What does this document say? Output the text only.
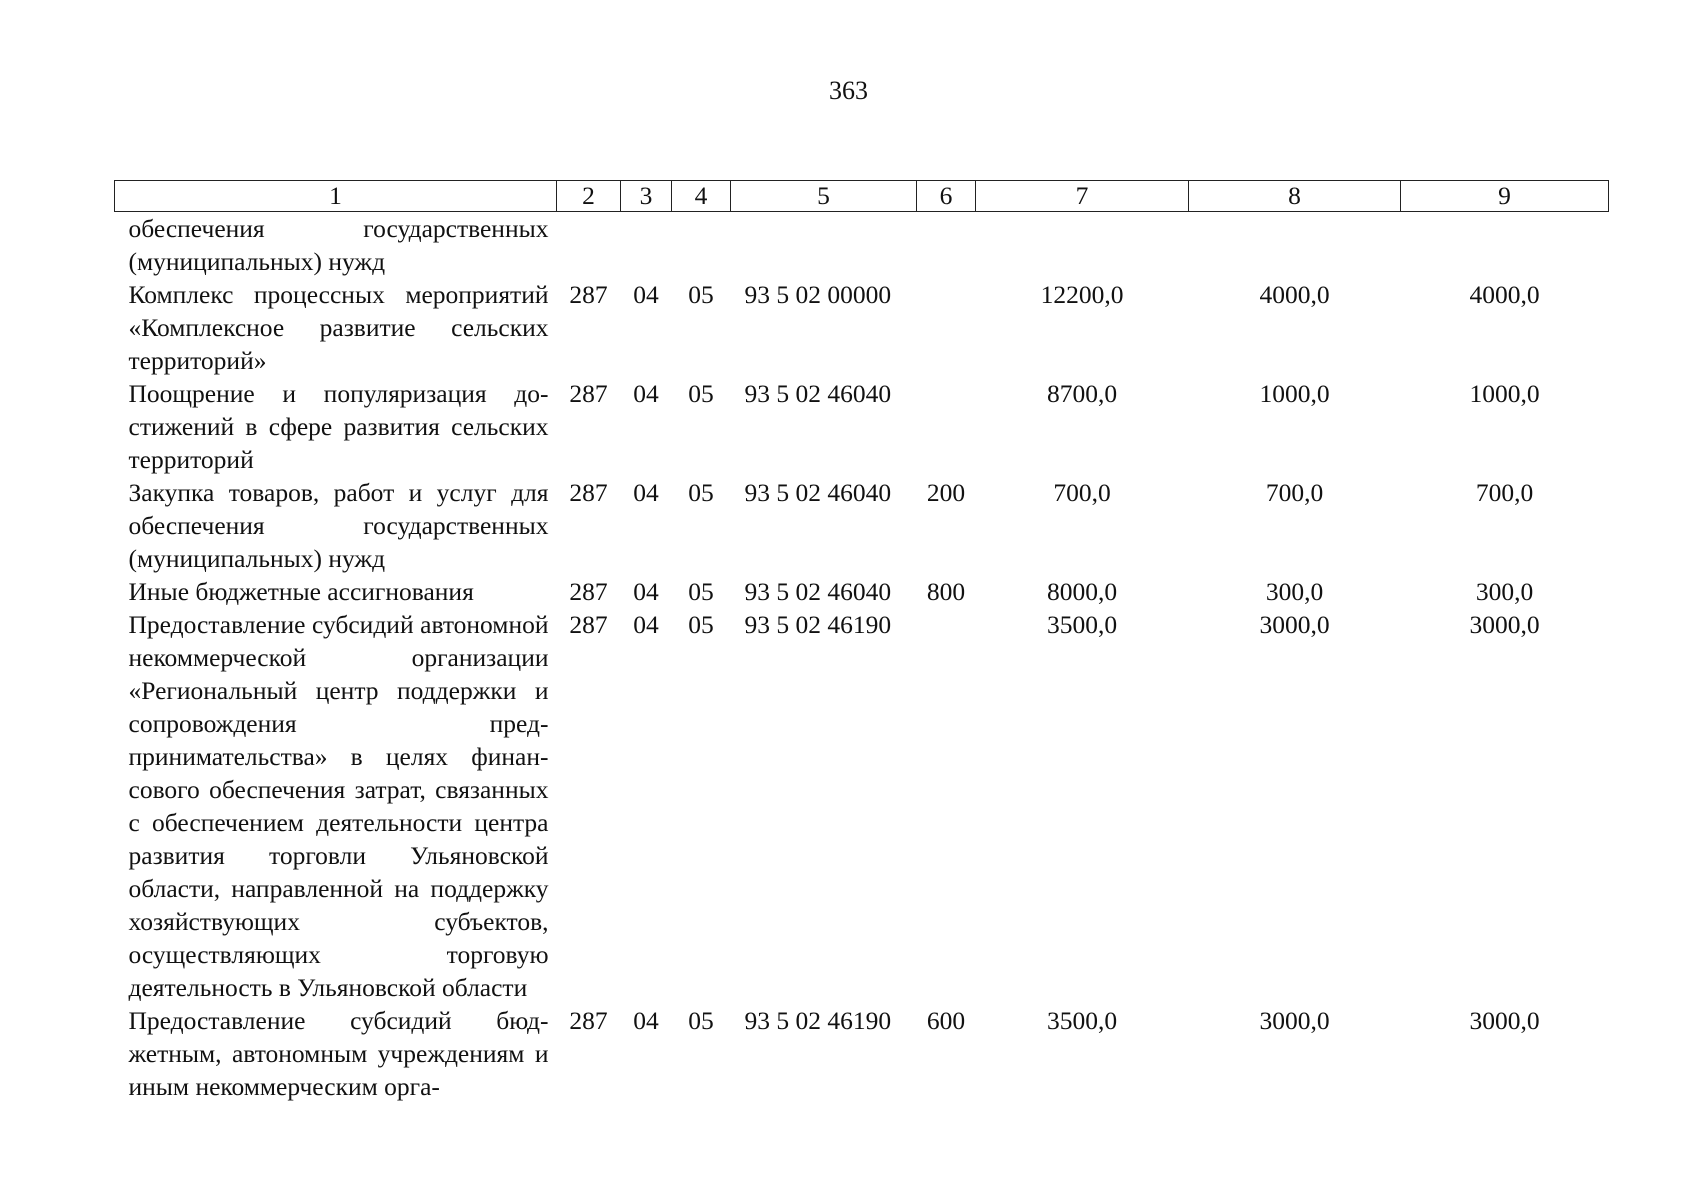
363
1	2	3	4	5	6	7	8	9
обеспечения государственных (муниципальных) нужд								
Комплекс процессных мероприятий «Комплексное развитие сельских территорий»	287	04	05	93 5 02 00000		12200,0	4000,0	4000,0
Поощрение и популяризация достижений в сфере развития сельских территорий	287	04	05	93 5 02 46040		8700,0	1000,0	1000,0
Закупка товаров, работ и услуг для обеспечения государственных (муниципальных) нужд	287	04	05	93 5 02 46040	200	700,0	700,0	700,0
Иные бюджетные ассигнования	287	04	05	93 5 02 46040	800	8000,0	300,0	300,0
Предоставление субсидий автономной некоммерческой организации «Региональный центр поддержки и сопровождения предпринимательства» в целях финансового обеспечения затрат, связанных с обеспечением деятельности центра развития торговли Ульяновской области, направленной на поддержку хозяйствующих субъектов, осуществляющих торговую деятельность в Ульяновской области	287	04	05	93 5 02 46190		3500,0	3000,0	3000,0
Предоставление субсидий бюджетным, автономным учреждениям и иным некоммерческим орга-	287	04	05	93 5 02 46190	600	3500,0	3000,0	3000,0
